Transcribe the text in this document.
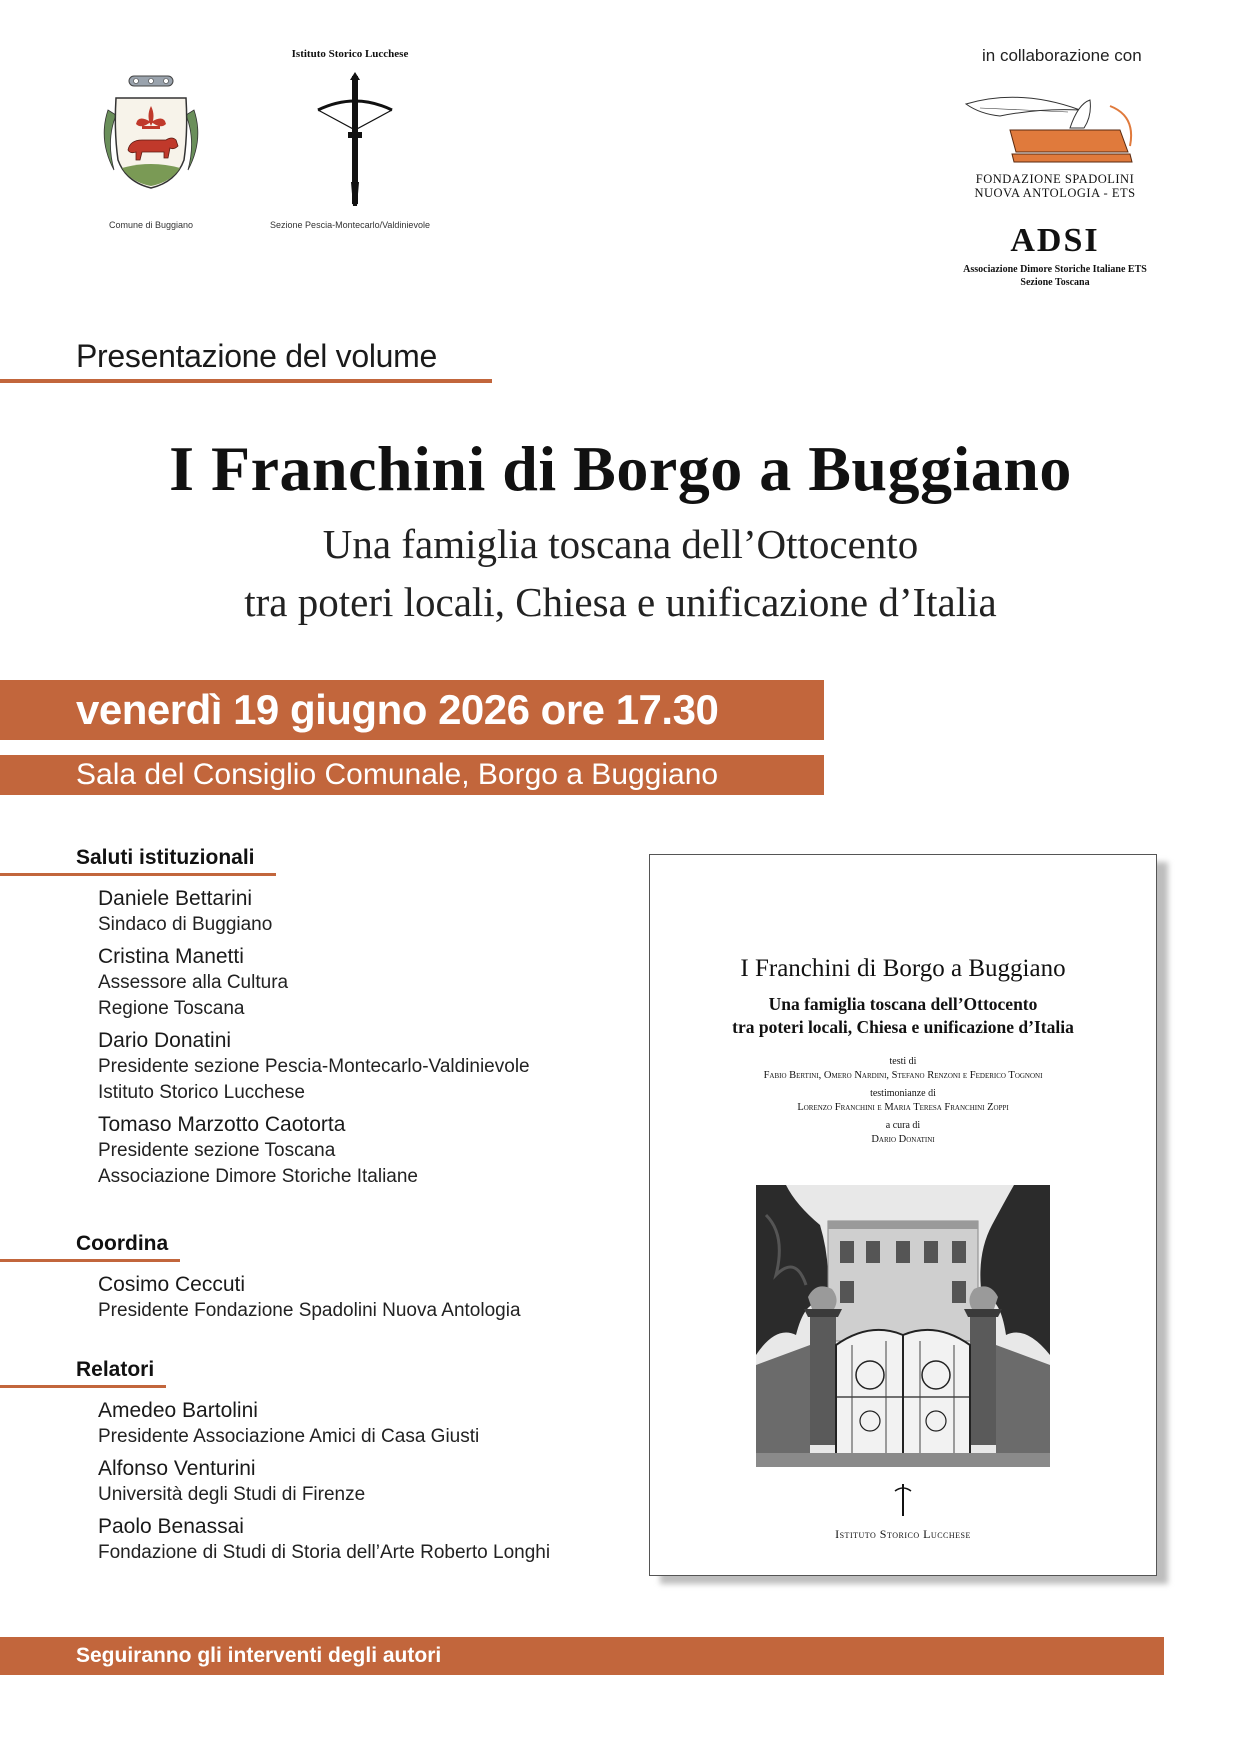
Comune di Buggiano
Istituto Storico Lucchese
Sezione Pescia-Montecarlo/Valdinievole
in collaborazione con
FONDAZIONE SPADOLINI
NUOVA ANTOLOGIA - ETS
ADSI
Associazione Dimore Storiche Italiane ETS
Sezione Toscana
Presentazione del volume
I Franchini di Borgo a Buggiano
Una famiglia toscana dell’Ottocento
tra poteri locali, Chiesa e unificazione d’Italia
venerdì 19 giugno 2026 ore 17.30
Sala del Consiglio Comunale, Borgo a Buggiano
Saluti istituzionali
Daniele Bettarini
Sindaco di Buggiano
Cristina Manetti
Assessore alla Cultura
Regione Toscana
Dario Donatini
Presidente sezione Pescia-Montecarlo-Valdinievole
Istituto Storico Lucchese
Tomaso Marzotto Caotorta
Presidente sezione Toscana
Associazione Dimore Storiche Italiane
Coordina
Cosimo Ceccuti
Presidente Fondazione Spadolini Nuova Antologia
Relatori
Amedeo Bartolini
Presidente Associazione Amici di Casa Giusti
Alfonso Venturini
Università degli Studi di Firenze
Paolo Benassai
Fondazione di Studi di Storia dell’Arte Roberto Longhi
I Franchini di Borgo a Buggiano
Una famiglia toscana dell’Ottocento
tra poteri locali, Chiesa e unificazione d’Italia
testi di
Fabio Bertini, Omero Nardini, Stefano Renzoni e Federico Tognoni
testimonianze di
Lorenzo Franchini e Maria Teresa Franchini Zoppi
a cura di
Dario Donatini
Istituto Storico Lucchese
Seguiranno gli interventi degli autori
